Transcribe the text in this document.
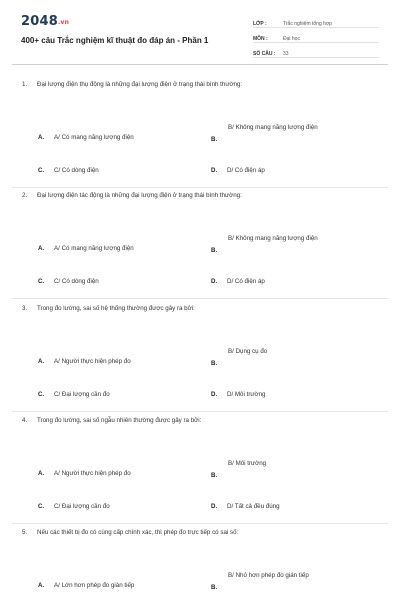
2048.vn
400+ câu Trắc nghiệm kĩ thuật đo đáp án - Phần 1
LỚP :	Trắc nghiệm tổng hợp
MÔN :	Đại học
SỐ CÂU :	33
1. Đại lượng điện thụ động là những đại lượng điện ở trạng thái bình thường:
A. A/ Có mang năng lượng điện
B/ Không mang năng lượng điện
B.
C. C/ Có dòng điện	D. D/ Có điện áp
2. Đại lượng điện tác động là những đại lượng điện ở trạng thái bình thường:
A. A/ Có mang năng lượng điện
B/ Không mang năng lượng điện
B.
C. C/ Có dòng điện	D. D/ Có điện áp
3. Trong đo lường, sai số hệ thống thường được gây ra bởi:
A. A/ Người thực hiện phép đo
B/ Dụng cụ đo
B.
C. C/ Đại lượng cần đo	D. D/ Môi trường
4. Trong đo lường, sai số ngẫu nhiên thường được gây ra bởi:
A. A/ Người thực hiện phép đo
B/ Môi trường
B.
C. C/ Đại lượng cần đo	D. D/ Tất cả đều đúng
5. Nếu các thiết bị đo có cùng cấp chính xác, thì phép đo trực tiếp có sai số:
A. A/ Lớn hơn phép đo gián tiếp
B/ Nhỏ hơn phép đo gián tiếp
B.
